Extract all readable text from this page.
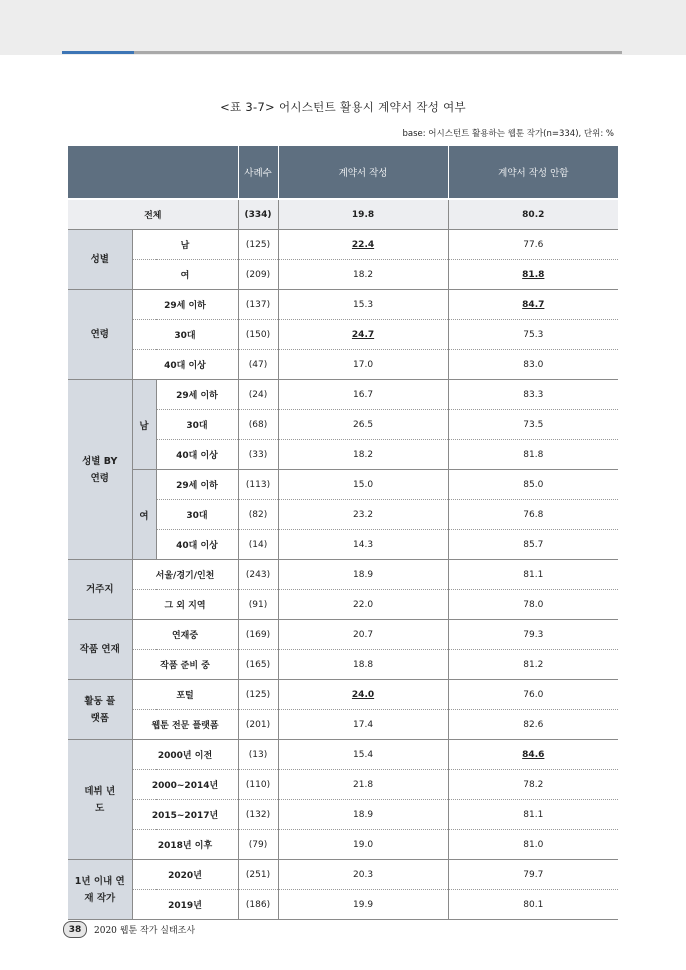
<표 3-7> 어시스턴트 활용시 계약서 작성 여부
base: 어시스턴트 활용하는 웹툰 작가(n=334), 단위: %
			사례수	계약서 작성	계약서 작성 안함

전체			(334)	19.8	80.2
성별	남		(125)	22.4	77.6
	여		(209)	18.2	81.8
연령	29세 이하		(137)	15.3	84.7
	30대		(150)	24.7	75.3
	40대 이상		(47)	17.0	83.0
성별 BY 연령	남	29세 이하	(24)	16.7	83.3
		30대	(68)	26.5	73.5
		40대 이상	(33)	18.2	81.8
	여	29세 이하	(113)	15.0	85.0
		30대	(82)	23.2	76.8
		40대 이상	(14)	14.3	85.7
거주지	서울/경기/인천		(243)	18.9	81.1
	그 외 지역		(91)	22.0	78.0
작품 연재	연재중		(169)	20.7	79.3
	작품 준비 중		(165)	18.8	81.2
활동 플랫폼	포털		(125)	24.0	76.0
	웹툰 전문 플랫폼		(201)	17.4	82.6
데뷔 년도	2000년 이전		(13)	15.4	84.6
	2000~2014년		(110)	21.8	78.2
	2015~2017년		(132)	18.9	81.1
	2018년 이후		(79)	19.0	81.0
1년 이내 연재 작가	2020년		(251)	20.3	79.7
	2019년		(186)	19.9	80.1
38	2020 웹툰 작가 실태조사
